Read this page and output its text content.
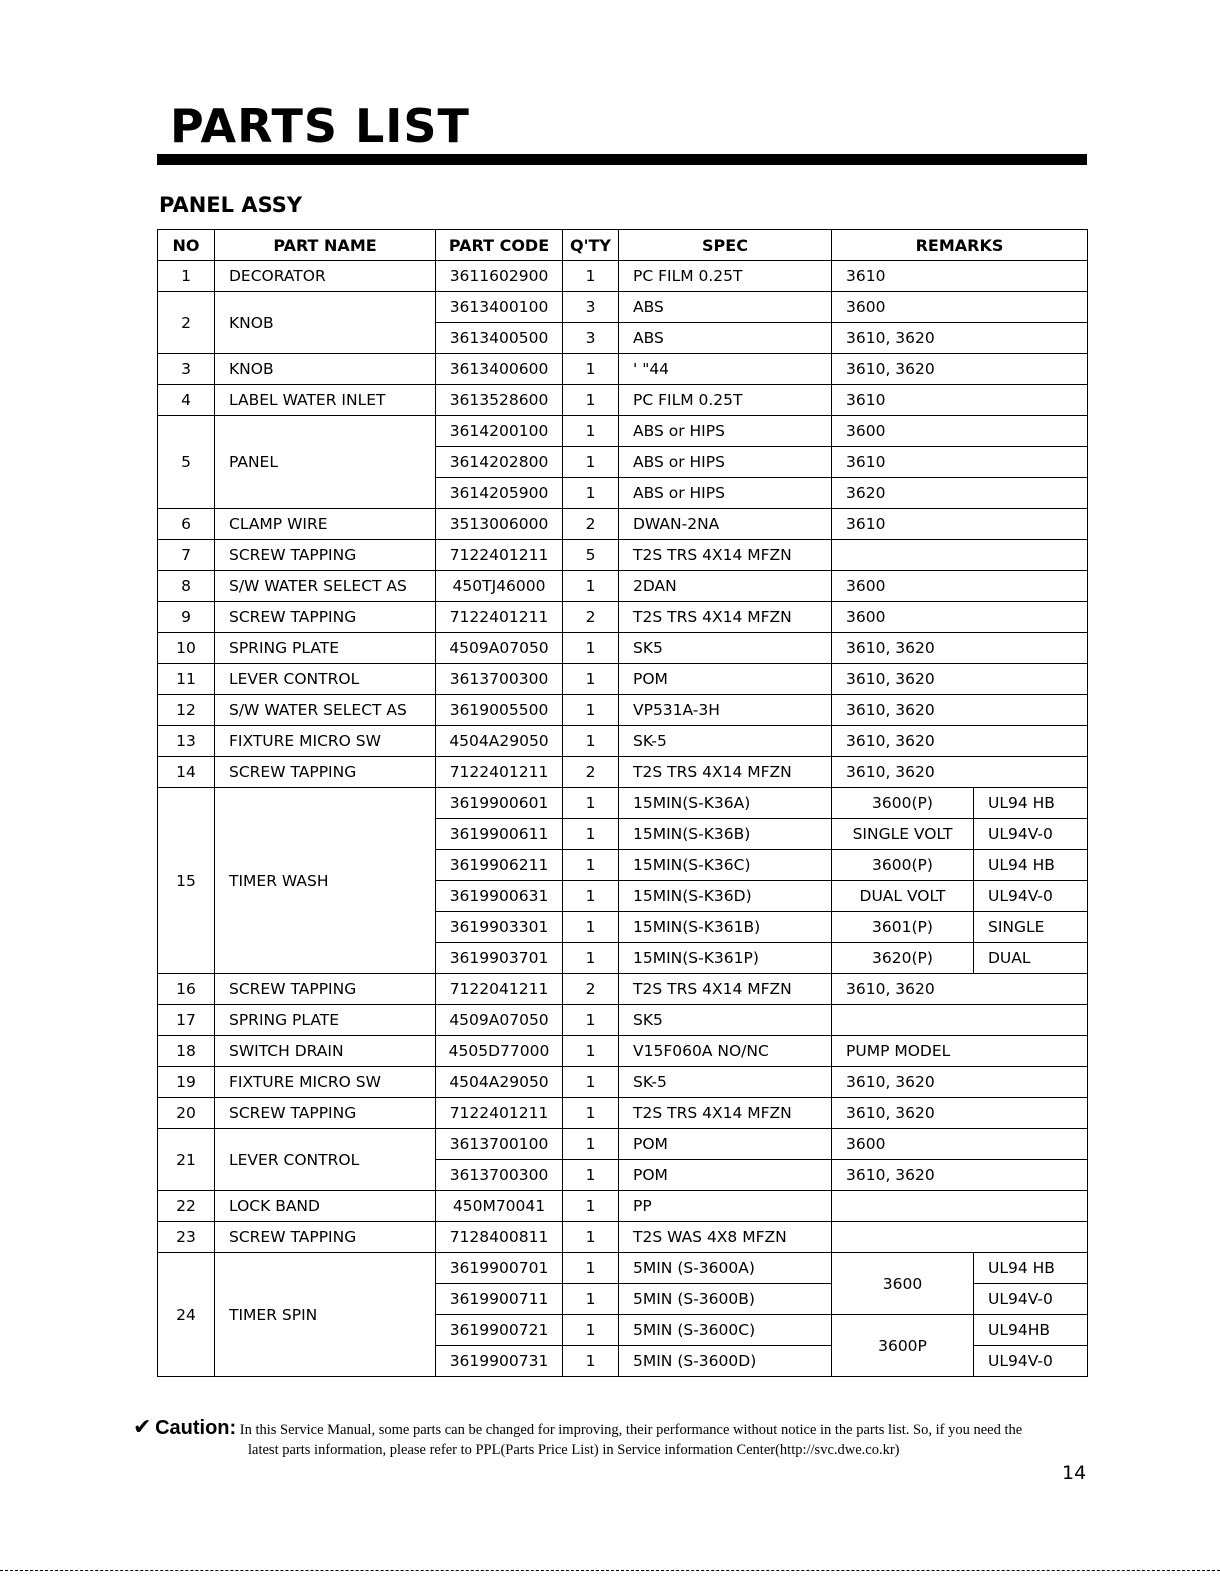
PARTS LIST
PANEL ASSY
NO	PART NAME	PART CODE	Q'TY	SPEC	REMARKS	
1	DECORATOR	3611602900	1	PC FILM 0.25T	3610	
2	KNOB	3613400100	3	ABS	3600	
		3613400500	3	ABS	3610, 3620	
3	KNOB	3613400600	1	' "44	3610, 3620	
4	LABEL WATER INLET	3613528600	1	PC FILM 0.25T	3610	
5	PANEL	3614200100	1	ABS or HIPS	3600	
		3614202800	1	ABS or HIPS	3610	
		3614205900	1	ABS or HIPS	3620	
6	CLAMP WIRE	3513006000	2	DWAN-2NA	3610	
7	SCREW TAPPING	7122401211	5	T2S TRS 4X14 MFZN		
8	S/W WATER SELECT AS	450TJ46000	1	2DAN	3600	
9	SCREW TAPPING	7122401211	2	T2S TRS 4X14 MFZN	3600	
10	SPRING PLATE	4509A07050	1	SK5	3610, 3620	
11	LEVER CONTROL	3613700300	1	POM	3610, 3620	
12	S/W WATER SELECT AS	3619005500	1	VP531A-3H	3610, 3620	
13	FIXTURE MICRO SW	4504A29050	1	SK-5	3610, 3620	
14	SCREW TAPPING	7122401211	2	T2S TRS 4X14 MFZN	3610, 3620	
15	TIMER WASH	3619900601	1	15MIN(S-K36A)	3600(P)	UL94 HB
		3619900611	1	15MIN(S-K36B)	SINGLE VOLT	UL94V-0
		3619906211	1	15MIN(S-K36C)	3600(P)	UL94 HB
		3619900631	1	15MIN(S-K36D)	DUAL VOLT	UL94V-0
		3619903301	1	15MIN(S-K361B)	3601(P)	SINGLE
		3619903701	1	15MIN(S-K361P)	3620(P)	DUAL
16	SCREW TAPPING	7122041211	2	T2S TRS 4X14 MFZN	3610, 3620	
17	SPRING PLATE	4509A07050	1	SK5		
18	SWITCH DRAIN	4505D77000	1	V15F060A NO/NC	PUMP MODEL	
19	FIXTURE MICRO SW	4504A29050	1	SK-5	3610, 3620	
20	SCREW TAPPING	7122401211	1	T2S TRS 4X14 MFZN	3610, 3620	
21	LEVER CONTROL	3613700100	1	POM	3600	
		3613700300	1	POM	3610, 3620	
22	LOCK BAND	450M70041	1	PP		
23	SCREW TAPPING	7128400811	1	T2S WAS 4X8 MFZN		
24	TIMER SPIN	3619900701	1	5MIN (S-3600A)	3600	UL94 HB
		3619900711	1	5MIN (S-3600B)		UL94V-0
		3619900721	1	5MIN (S-3600C)	3600P	UL94HB
		3619900731	1	5MIN (S-3600D)		UL94V-0
✔ Caution: In this Service Manual, some parts can be changed for improving, their performance without notice in the parts list. So, if you need the
latest parts information, please refer to PPL(Parts Price List) in Service information Center(http://svc.dwe.co.kr)
14
